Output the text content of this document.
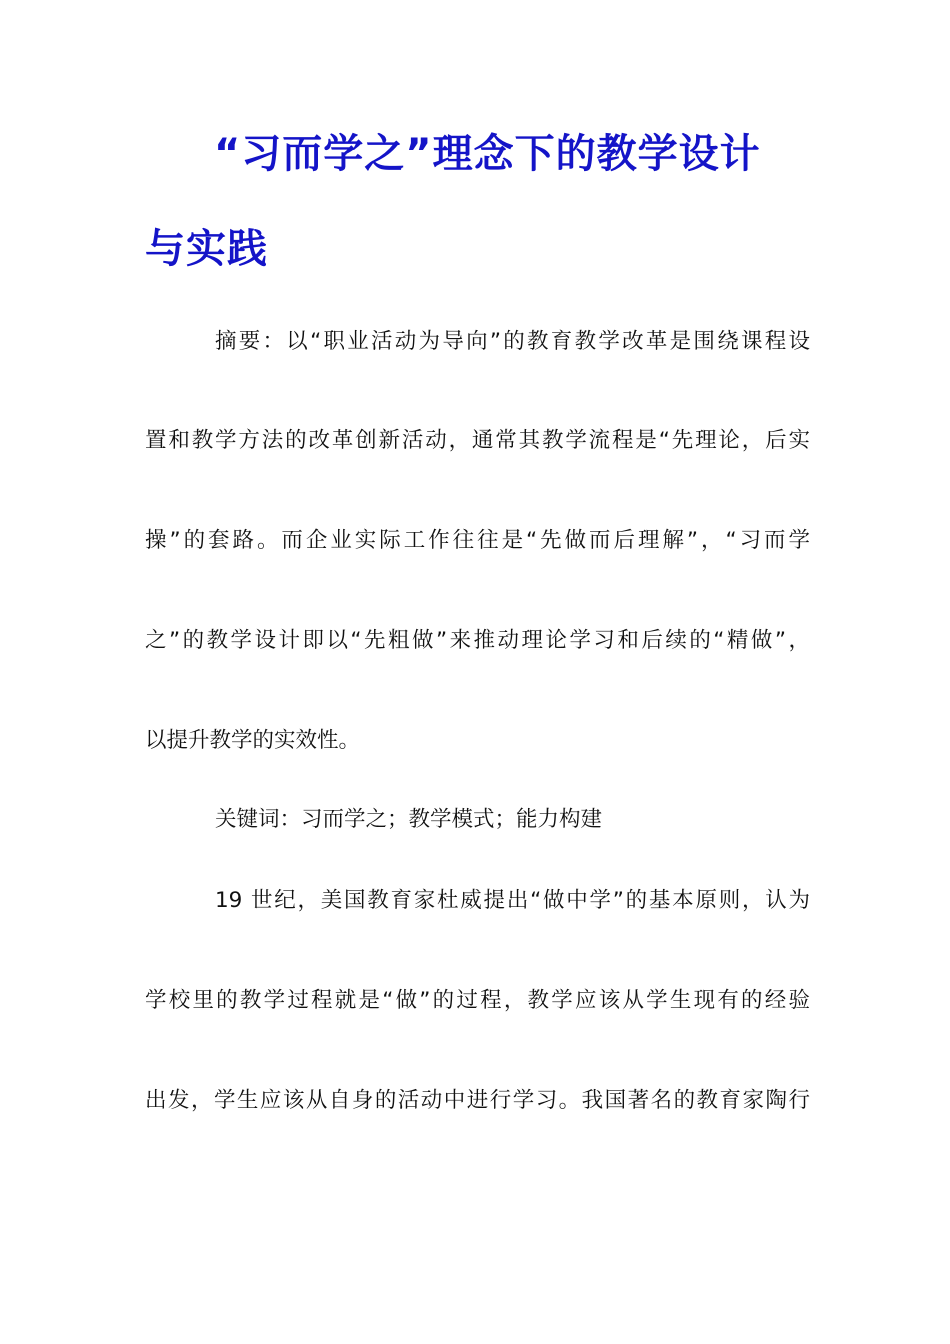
“习而学之”理念下的教学设计
与实践
摘要：以“职业活动为导向”的教育教学改革是围绕课程设
置和教学方法的改革创新活动，通常其教学流程是“先理论，后实
操”的套路。而企业实际工作往往是“先做而后理解”，“习而学
之”的教学设计即以“先粗做”来推动理论学习和后续的“精做”，
以提升教学的实效性。
关键词：习而学之；教学模式；能力构建
19 世纪，美国教育家杜威提出“做中学”的基本原则，认为
学校里的教学过程就是“做”的过程，教学应该从学生现有的经验
出发，学生应该从自身的活动中进行学习。我国著名的教育家陶行
